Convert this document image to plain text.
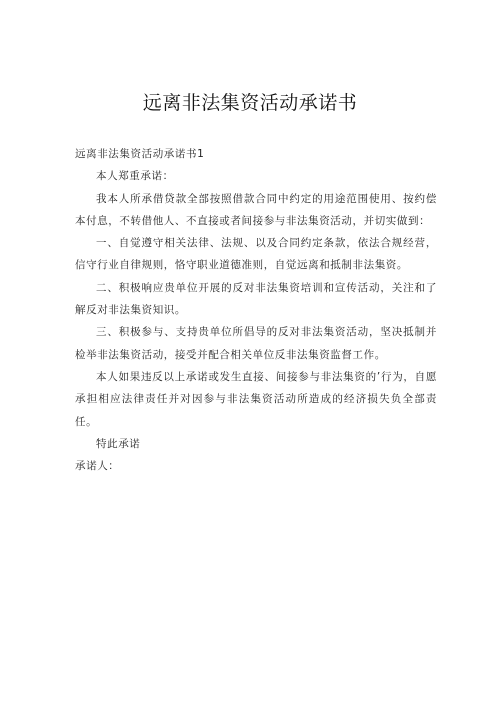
远离非法集资活动承诺书

远离非法集资活动承诺书1

本人郑重承诺：

我本人所承借贷款全部按照借款合同中约定的用途范围使用、按约偿本付息，不转借他人、不直接或者间接参与非法集资活动，并切实做到：

一、自觉遵守相关法律、法规、以及合同约定条款，依法合规经营，信守行业自律规则，恪守职业道德准则，自觉远离和抵制非法集资。

二、积极响应贵单位开展的反对非法集资培训和宣传活动，关注和了解反对非法集资知识。

三、积极参与、支持贵单位所倡导的反对非法集资活动，坚决抵制并检举非法集资活动，接受并配合相关单位反非法集资监督工作。

本人如果违反以上承诺或发生直接、间接参与非法集资的’行为，自愿承担相应法律责任并对因参与非法集资活动所造成的经济损失负全部责任。

特此承诺

承诺人：
